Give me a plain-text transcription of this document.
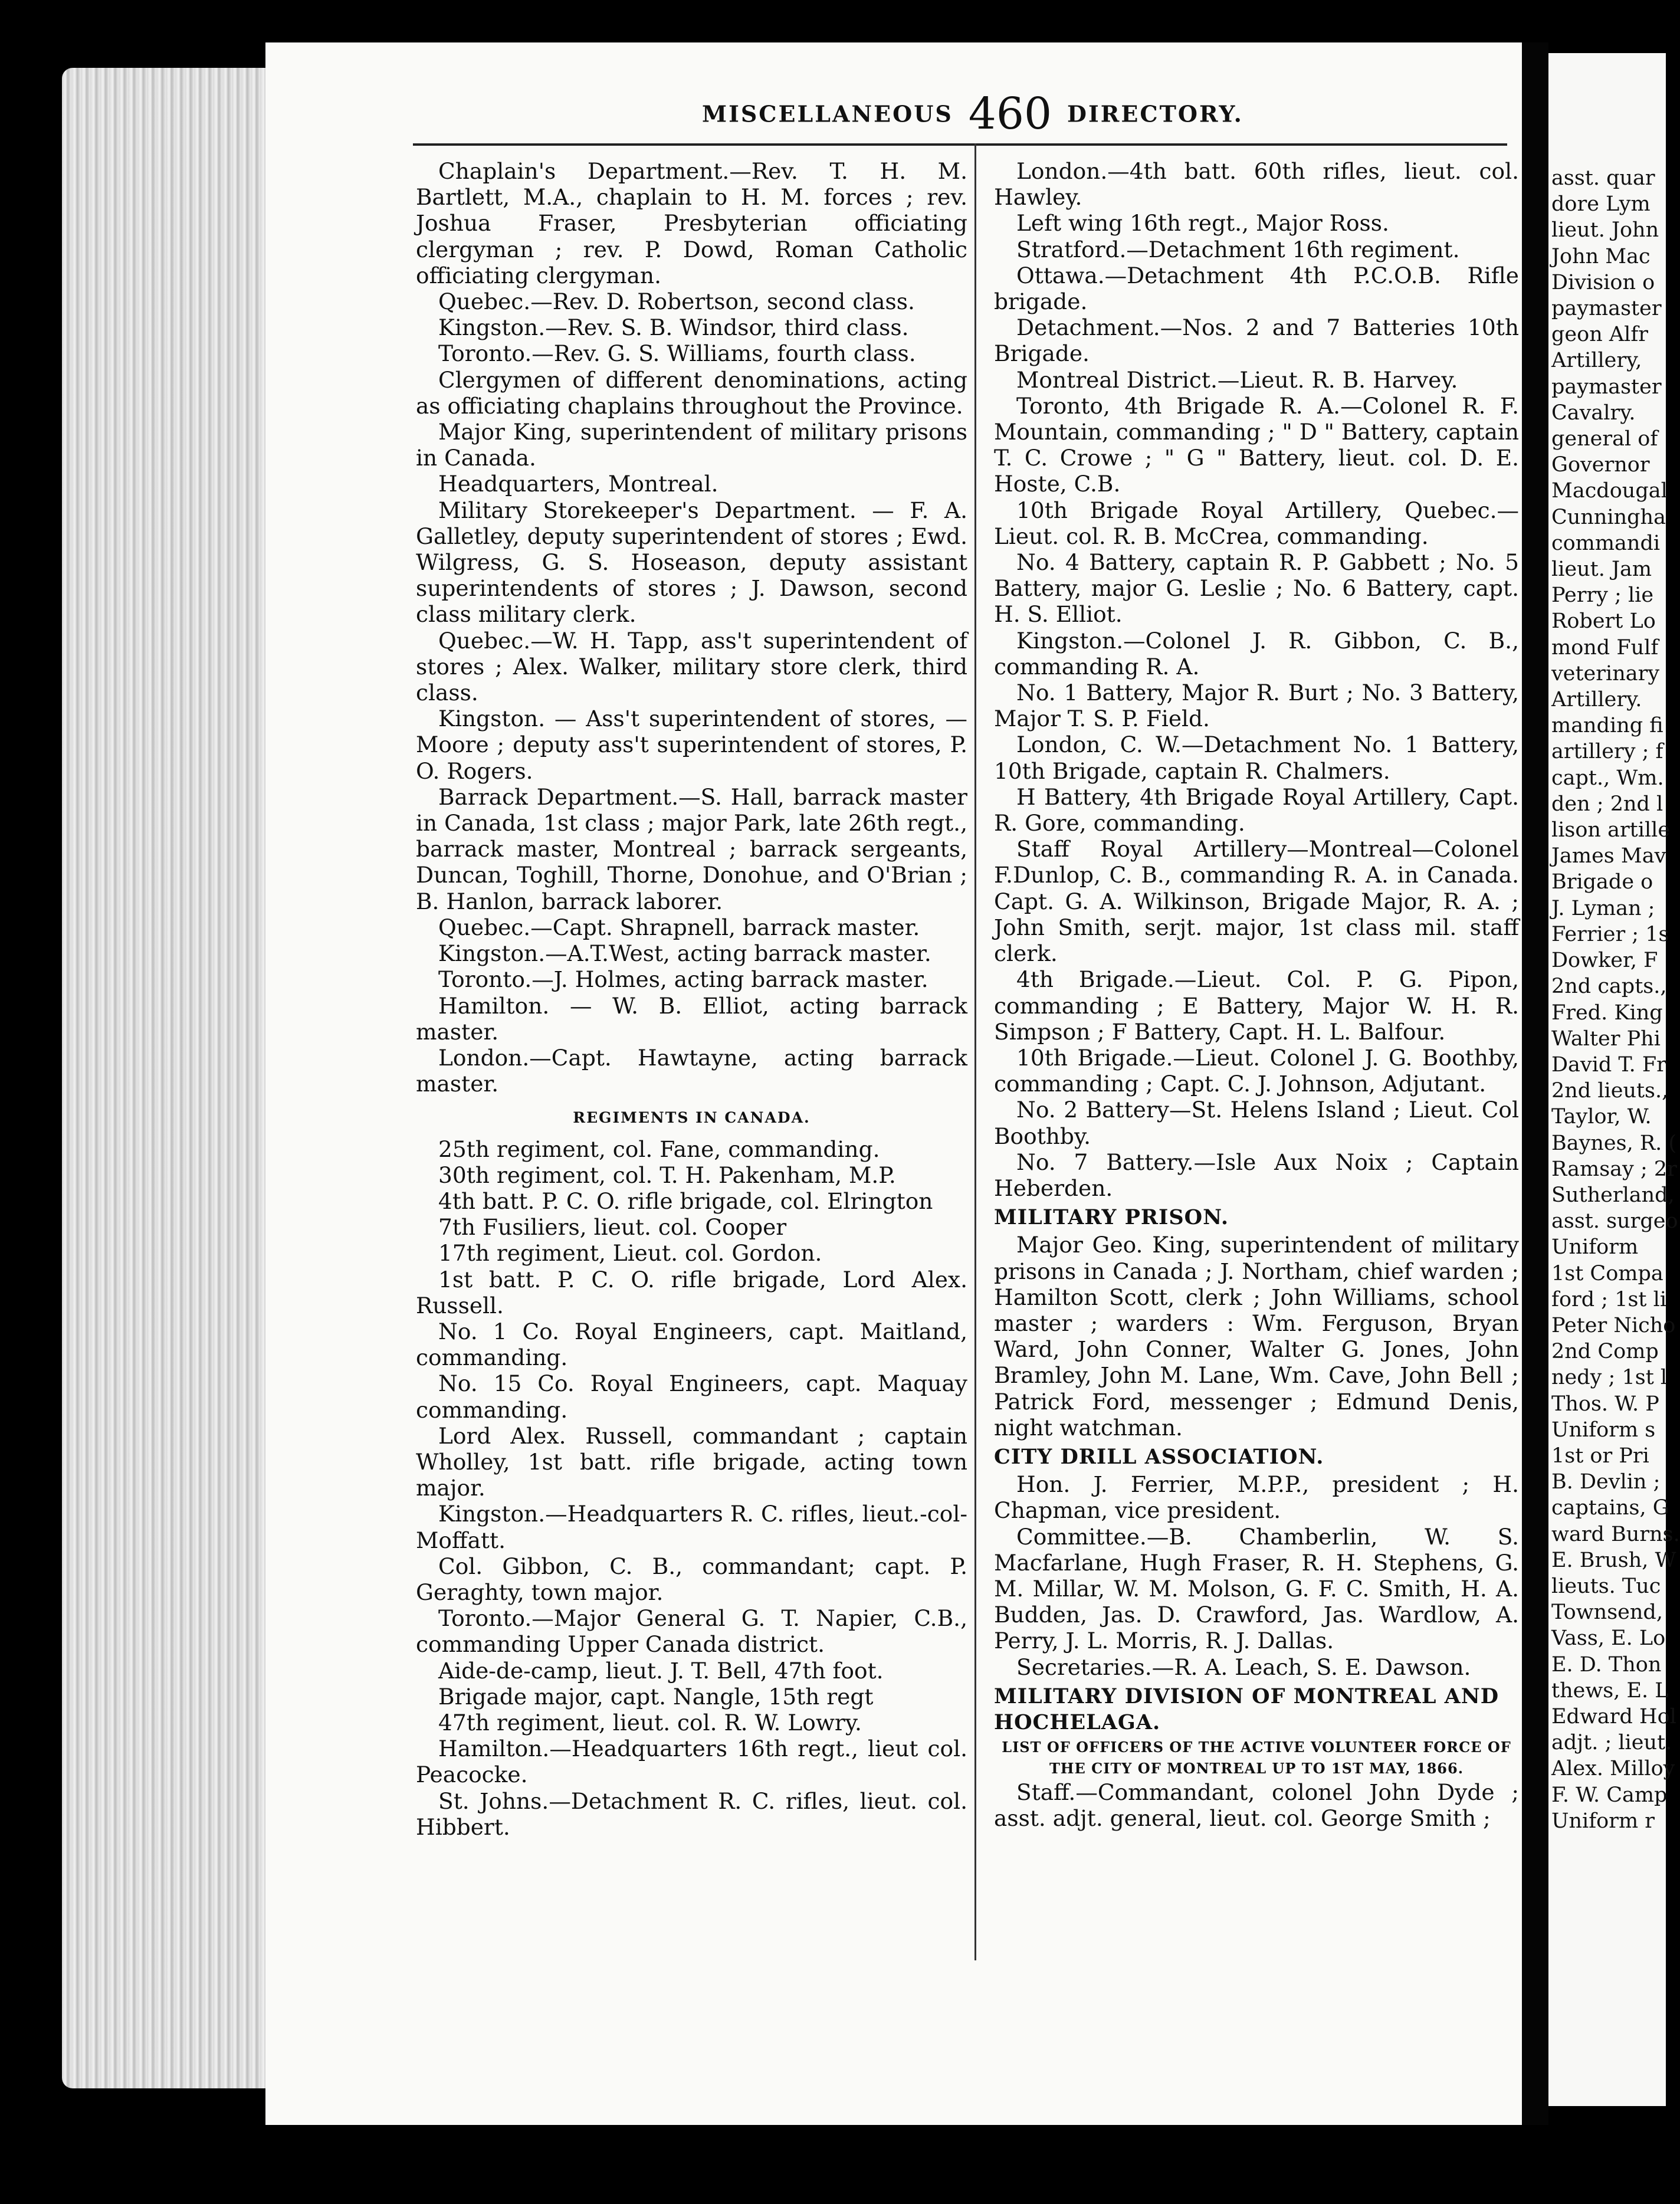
MISCELLANEOUS 460 DIRECTORY.

Chaplain's Department.—Rev. T. H. M. Bartlett, M.A., chaplain to H. M. forces ; rev. Joshua Fraser, Presbyterian officiating clergyman ; rev. P. Dowd, Roman Catholic officiating clergyman.

Quebec.—Rev. D. Robertson, second class.

Kingston.—Rev. S. B. Windsor, third class.

Toronto.—Rev. G. S. Williams, fourth class.

Clergymen of different denominations, acting as officiating chaplains throughout the Province.

Major King, superintendent of military prisons in Canada.

Headquarters, Montreal.

Military Storekeeper's Department. — F. A. Galletley, deputy superintendent of stores ; Ewd. Wilgress, G. S. Hoseason, deputy assistant superintendents of stores ; J. Dawson, second class military clerk.

Quebec.—W. H. Tapp, ass't superintendent of stores ; Alex. Walker, military store clerk, third class.

Kingston. — Ass't superintendent of stores, —Moore ; deputy ass't superintendent of stores, P. O. Rogers.

Barrack Department.—S. Hall, barrack master in Canada, 1st class ; major Park, late 26th regt., barrack master, Montreal ; barrack sergeants, Duncan, Toghill, Thorne, Donohue, and O'Brian ; B. Hanlon, barrack laborer.

Quebec.—Capt. Shrapnell, barrack master.

Kingston.—A.T.West, acting barrack master.

Toronto.—J. Holmes, acting barrack master.

Hamilton. — W. B. Elliot, acting barrack master.

London.—Capt. Hawtayne, acting barrack master.

REGIMENTS IN CANADA.

25th regiment, col. Fane, commanding.

30th regiment, col. T. H. Pakenham, M.P.

4th batt. P. C. O. rifle brigade, col. Elrington

7th Fusiliers, lieut. col. Cooper

17th regiment, Lieut. col. Gordon.

1st batt. P. C. O. rifle brigade, Lord Alex. Russell.

No. 1 Co. Royal Engineers, capt. Maitland, commanding.

No. 15 Co. Royal Engineers, capt. Maquay commanding.

Lord Alex. Russell, commandant ; captain Wholley, 1st batt. rifle brigade, acting town major.

Kingston.—Headquarters R. C. rifles, lieut.-col-Moffatt.

Col. Gibbon, C. B., commandant; capt. P. Geraghty, town major.

Toronto.—Major General G. T. Napier, C.B., commanding Upper Canada district.

Aide-de-camp, lieut. J. T. Bell, 47th foot.

Brigade major, capt. Nangle, 15th regt

47th regiment, lieut. col. R. W. Lowry.

Hamilton.—Headquarters 16th regt., lieut col. Peacocke.

St. Johns.—Detachment R. C. rifles, lieut. col. Hibbert.

London.—4th batt. 60th rifles, lieut. col. Hawley.

Left wing 16th regt., Major Ross.

Stratford.—Detachment 16th regiment.

Ottawa.—Detachment 4th P.C.O.B. Rifle brigade.

Detachment.—Nos. 2 and 7 Batteries 10th Brigade.

Montreal District.—Lieut. R. B. Harvey.

Toronto, 4th Brigade R. A.—Colonel R. F. Mountain, commanding ; " D " Battery, captain T. C. Crowe ; " G " Battery, lieut. col. D. E. Hoste, C.B.

10th Brigade Royal Artillery, Quebec.—Lieut. col. R. B. McCrea, commanding.

No. 4 Battery, captain R. P. Gabbett ; No. 5 Battery, major G. Leslie ; No. 6 Battery, capt. H. S. Elliot.

Kingston.—Colonel J. R. Gibbon, C. B., commanding R. A.

No. 1 Battery, Major R. Burt ; No. 3 Battery, Major T. S. P. Field.

London, C. W.—Detachment No. 1 Battery, 10th Brigade, captain R. Chalmers.

H Battery, 4th Brigade Royal Artillery, Capt. R. Gore, commanding.

Staff Royal Artillery—Montreal—Colonel F.Dunlop, C. B., commanding R. A. in Canada. Capt. G. A. Wilkinson, Brigade Major, R. A. ; John Smith, serjt. major, 1st class mil. staff clerk.

4th Brigade.—Lieut. Col. P. G. Pipon, commanding ; E Battery, Major W. H. R. Simpson ; F Battery, Capt. H. L. Balfour.

10th Brigade.—Lieut. Colonel J. G. Boothby, commanding ; Capt. C. J. Johnson, Adjutant.

No. 2 Battery—St. Helens Island ; Lieut. Col Boothby.

No. 7 Battery.—Isle Aux Noix ; Captain Heberden.

MILITARY PRISON.

Major Geo. King, superintendent of military prisons in Canada ; J. Northam, chief warden ; Hamilton Scott, clerk ; John Williams, school master ; warders : Wm. Ferguson, Bryan Ward, John Conner, Walter G. Jones, John Bramley, John M. Lane, Wm. Cave, John Bell ; Patrick Ford, messenger ; Edmund Denis, night watchman.

CITY DRILL ASSOCIATION.

Hon. J. Ferrier, M.P.P., president ; H. Chapman, vice president.

Committee.—B. Chamberlin, W. S. Macfarlane, Hugh Fraser, R. H. Stephens, G. M. Millar, W. M. Molson, G. F. C. Smith, H. A. Budden, Jas. D. Crawford, Jas. Wardlow, A. Perry, J. L. Morris, R. J. Dallas.

Secretaries.—R. A. Leach, S. E. Dawson.

MILITARY DIVISION OF MONTREAL AND HOCHELAGA.

LIST OF OFFICERS OF THE ACTIVE VOLUNTEER FORCE OF THE CITY OF MONTREAL UP TO 1ST MAY, 1866.

Staff.—Commandant, colonel John Dyde ; asst. adjt. general, lieut. col. George Smith ;

asst. quar
dore Lym
lieut. John
John Mac
Division o
paymaster
geon Alfr
Artillery,
paymaster
Cavalry.
general of
Governor
Macdougal
Cunningha
commandi
lieut. Jam
Perry ; lie
Robert Lo
mond Fulf
veterinary
Artillery.
manding fi
artillery ; f
capt., Wm.
den ; 2nd l
lison artille
James Mav
Brigade o
J. Lyman ;
Ferrier ; 1s
Dowker, F
2nd capts.,
Fred. King
Walter Phi
David T. Fr
2nd lieuts.,
Taylor, W.
Baynes, R. (
Ramsay ; 2r
Sutherland,
asst. surgeo
Uniform
1st Compa
ford ; 1st li
Peter Nicho
2nd Comp
nedy ; 1st l
Thos. W. P
Uniform s
1st or Pri
B. Devlin ;
captains, G
ward Burns.
E. Brush, W
lieuts. Tuc
Townsend,
Vass, E. Lo
E. D. Thon
thews, E. L
Edward Hol
adjt. ; lieut.
Alex. Milloy
F. W. Camp
Uniform r
